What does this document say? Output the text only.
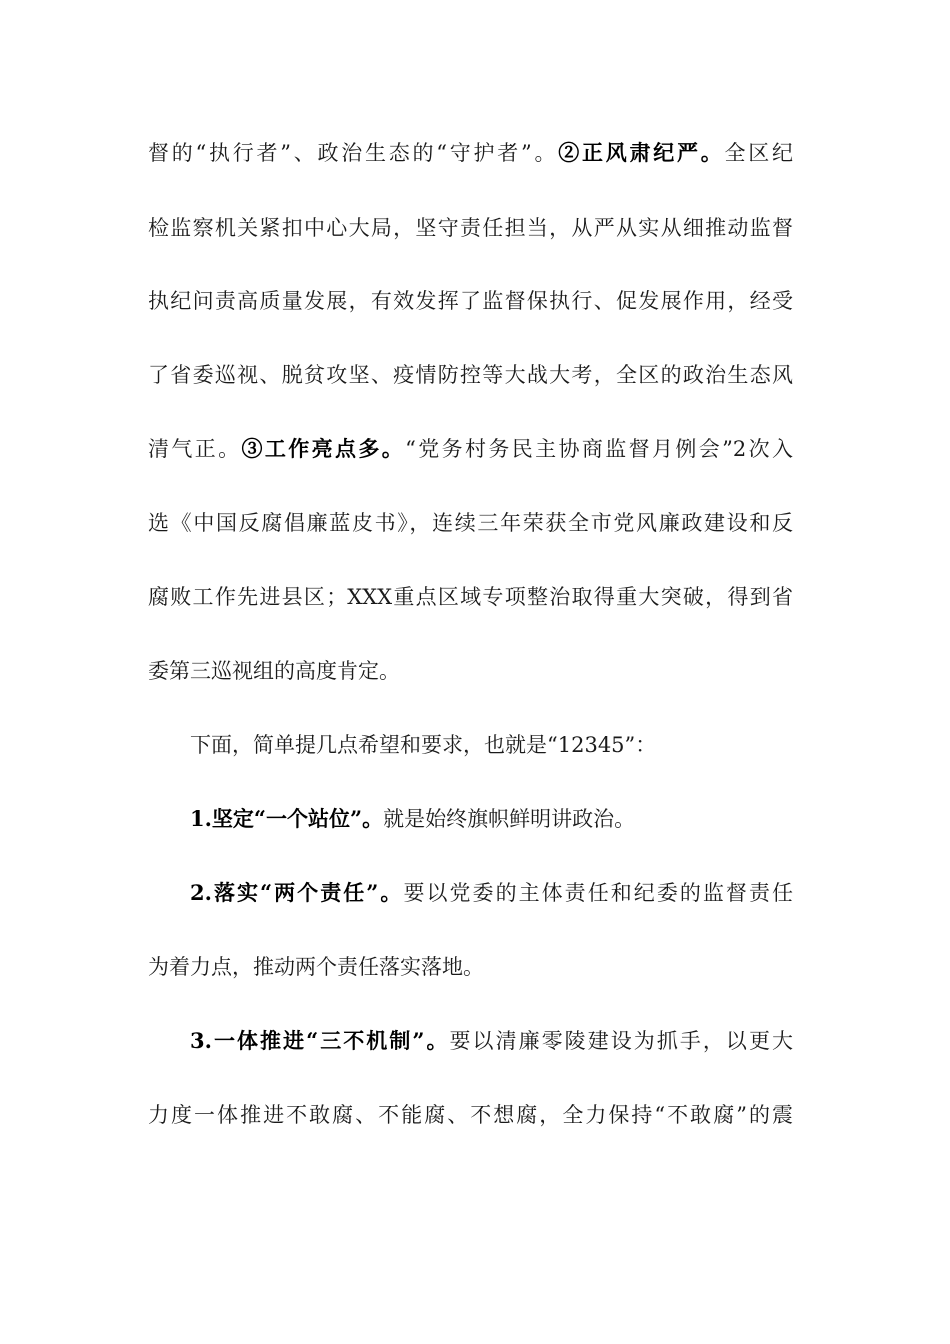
督的“执行者”、政治生态的“守护者”。②正风肃纪严。全区纪
检监察机关紧扣中心大局，坚守责任担当，从严从实从细推动监督
执纪问责高质量发展，有效发挥了监督保执行、促发展作用，经受
了省委巡视、脱贫攻坚、疫情防控等大战大考，全区的政治生态风
清气正。③工作亮点多。“党务村务民主协商监督月例会”2次入
选《中国反腐倡廉蓝皮书》，连续三年荣获全市党风廉政建设和反
腐败工作先进县区；XXX重点区域专项整治取得重大突破，得到省
委第三巡视组的高度肯定。
下面，简单提几点希望和要求，也就是“12345”：
1.坚定“一个站位”。就是始终旗帜鲜明讲政治。
2.落实“两个责任”。要以党委的主体责任和纪委的监督责任
为着力点，推动两个责任落实落地。
3.一体推进“三不机制”。要以清廉零陵建设为抓手，以更大
力度一体推进不敢腐、不能腐、不想腐，全力保持“不敢腐”的震
